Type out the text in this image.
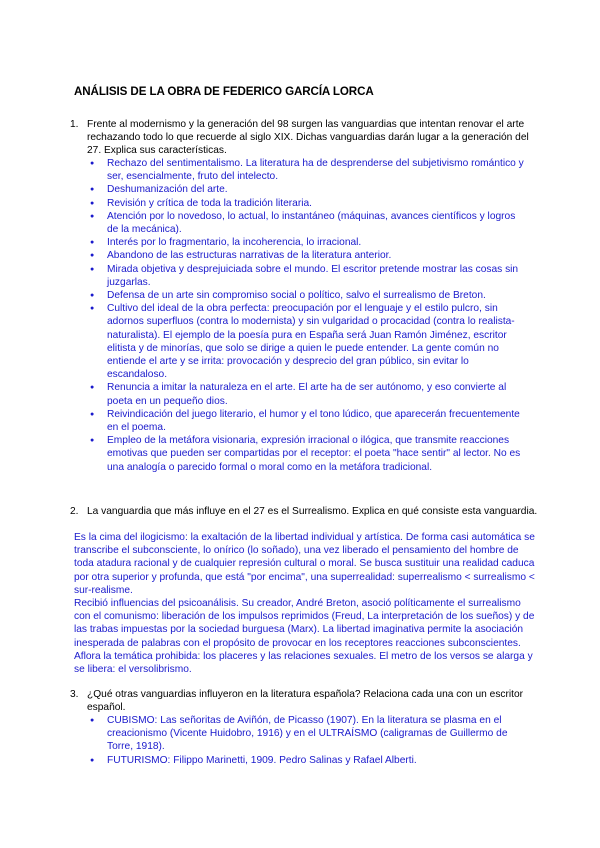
ANÁLISIS DE LA OBRA DE FEDERICO GARCÍA LORCA
1. Frente al modernismo y la generación del 98 surgen las vanguardias que intentan renovar el arte rechazando todo lo que recuerde al siglo XIX. Dichas vanguardias darán lugar a la generación del 27. Explica sus características.
● Rechazo del sentimentalismo. La literatura ha de desprenderse del subjetivismo romántico y ser, esencialmente, fruto del intelecto.
● Deshumanización del arte.
● Revisión y crítica de toda la tradición literaria.
● Atención por lo novedoso, lo actual, lo instantáneo (máquinas, avances científicos y logros de la mecánica).
● Interés por lo fragmentario, la incoherencia, lo irracional.
● Abandono de las estructuras narrativas de la literatura anterior.
● Mirada objetiva y desprejuiciada sobre el mundo. El escritor pretende mostrar las cosas sin juzgarlas.
● Defensa de un arte sin compromiso social o político, salvo el surrealismo de Breton.
● Cultivo del ideal de la obra perfecta: preocupación por el lenguaje y el estilo pulcro, sin adornos superfluos (contra lo modernista) y sin vulgaridad o procacidad (contra lo realista-naturalista). El ejemplo de la poesía pura en España será Juan Ramón Jiménez, escritor elitista y de minorías, que solo se dirige a quien le puede entender. La gente común no entiende el arte y se irrita: provocación y desprecio del gran público, sin evitar lo escandaloso.
● Renuncia a imitar la naturaleza en el arte. El arte ha de ser autónomo, y eso convierte al poeta en un pequeño dios.
● Reivindicación del juego literario, el humor y el tono lúdico, que aparecerán frecuentemente en el poema.
● Empleo de la metáfora visionaria, expresión irracional o ilógica, que transmite reacciones emotivas que pueden ser compartidas por el receptor: el poeta "hace sentir" al lector. No es una analogía o parecido formal o moral como en la metáfora tradicional.
2. La vanguardia que más influye en el 27 es el Surrealismo. Explica en qué consiste esta vanguardia.

Es la cima del ilogicismo: la exaltación de la libertad individual y artística. De forma casi automática se transcribe el subconsciente, lo onírico (lo soñado), una vez liberado el pensamiento del hombre de toda atadura racional y de cualquier represión cultural o moral. Se busca sustituir una realidad caduca por otra superior y profunda, que está "por encima", una superrealidad: superrealismo < surrealismo < sur-realisme.

Recibió influencias del psicoanálisis. Su creador, André Breton, asoció políticamente el surrealismo con el comunismo: liberación de los impulsos reprimidos (Freud, La interpretación de los sueños) y de las trabas impuestas por la sociedad burguesa (Marx). La libertad imaginativa permite la asociación inesperada de palabras con el propósito de provocar en los receptores reacciones subconscientes. Aflora la temática prohibida: los placeres y las relaciones sexuales. El metro de los versos se alarga y se libera: el versolibrismo.

3. ¿Qué otras vanguardias influyeron en la literatura española? Relaciona cada una con un escritor español.
● CUBISMO: Las señoritas de Aviñón, de Picasso (1907). En la literatura se plasma en el creacionismo (Vicente Huidobro, 1916) y en el ULTRAÍSMO (caligramas de Guillermo de Torre, 1918).
● FUTURISMO: Filippo Marinetti, 1909. Pedro Salinas y Rafael Alberti.
